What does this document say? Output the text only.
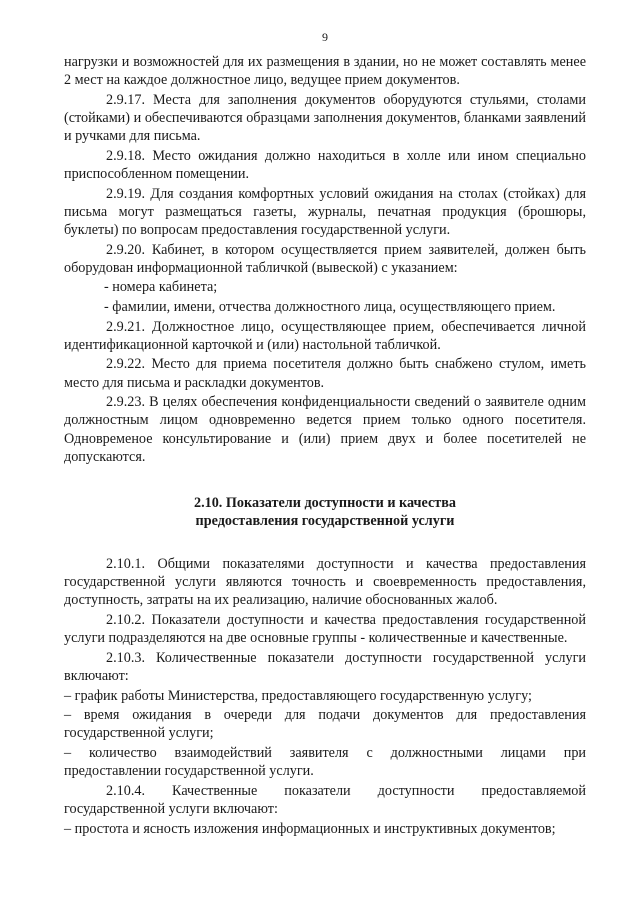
9

нагрузки и возможностей для их размещения в здании, но не может составлять менее 2 мест на каждое должностное лицо, ведущее прием документов.

2.9.17. Места для заполнения документов оборудуются стульями, столами (стойками) и обеспечиваются образцами заполнения документов, бланками заявлений и ручками для письма.

2.9.18. Место ожидания должно находиться в холле или ином специально приспособленном помещении.

2.9.19. Для создания комфортных условий ожидания на столах (стойках) для письма могут размещаться газеты, журналы, печатная продукция (брошюры, буклеты) по вопросам предоставления государственной услуги.

2.9.20. Кабинет, в котором осуществляется прием заявителей, должен быть оборудован информационной табличкой (вывеской) с указанием:

- номера кабинета;

- фамилии, имени, отчества должностного лица, осуществляющего прием.

2.9.21. Должностное лицо, осуществляющее прием, обеспечивается личной идентификационной карточкой и (или) настольной табличкой.

2.9.22. Место для приема посетителя должно быть снабжено стулом, иметь место для письма и раскладки документов.

2.9.23. В целях обеспечения конфиденциальности сведений о заявителе одним должностным лицом одновременно ведется прием только одного посетителя. Одновременое консультирование и (или) прием двух и более посетителей не допускаются.

2.10. Показатели доступности и качества
предоставления государственной услуги

2.10.1. Общими показателями доступности и качества предоставления государственной услуги являются точность и своевременность предоставления, доступность, затраты на их реализацию, наличие обоснованных жалоб.

2.10.2. Показатели доступности и качества предоставления государственной услуги подразделяются на две основные группы - количественные и качественные.

2.10.3. Количественные показатели доступности государственной услуги включают:

– график работы Министерства, предоставляющего государственную услугу;

– время ожидания в очереди для подачи документов для предоставления государственной услуги;

– количество взаимодействий заявителя с должностными лицами при предоставлении государственной услуги.

2.10.4. Качественные показатели доступности предоставляемой государственной услуги включают:

– простота и ясность изложения информационных и инструктивных документов;
